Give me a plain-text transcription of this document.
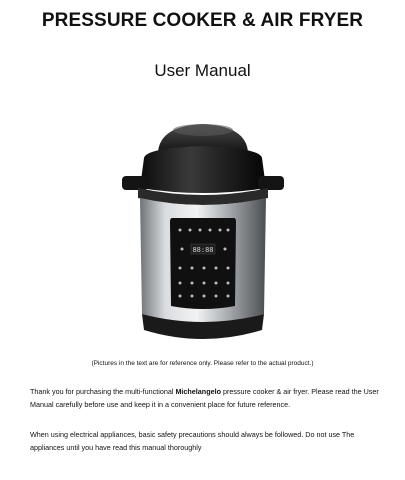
PRESSURE COOKER & AIR FRYER
User Manual
88:88
(Pictures in the text are for reference only. Please refer to the actual product.)
Thank you for purchasing the multi-functional Michelangelo pressure cooker & air fryer. Please read the User Manual carefully before use and keep it in a convenient place for future reference.
When using electrical appliances, basic safety precautions should always be followed. Do not use The appliances until you have read this manual thoroughly
